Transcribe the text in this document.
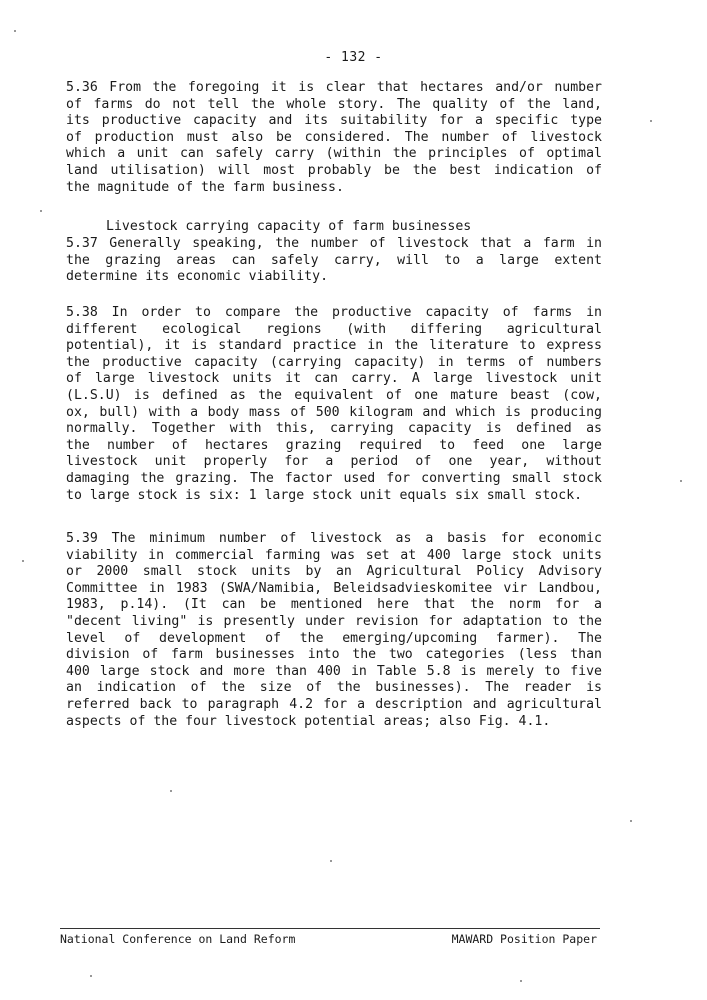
- 132 -
5.36 From the foregoing it is clear that hectares and/or number
of farms do not tell the whole story. The quality of the land,
its productive capacity and its suitability for a specific type
of production must also be considered. The number of livestock
which a unit can safely carry (within the principles of optimal
land utilisation) will most probably be the best indication of
the magnitude of the farm business.
Livestock carrying capacity of farm businesses
5.37 Generally speaking, the number of livestock that a farm in
the grazing areas can safely carry, will to a large extent
determine its economic viability.
5.38 In order to compare the productive capacity of farms in
different ecological regions (with differing agricultural
potential), it is standard practice in the literature to express
the productive capacity (carrying capacity) in terms of numbers
of large livestock units it can carry. A large livestock unit
(L.S.U) is defined as the equivalent of one mature beast (cow,
ox, bull) with a body mass of 500 kilogram and which is producing
normally. Together with this, carrying capacity is defined as
the number of hectares grazing required to feed one large
livestock unit properly for a period of one year, without
damaging the grazing. The factor used for converting small stock
to large stock is six: 1 large stock unit equals six small stock.
5.39 The minimum number of livestock as a basis for economic
viability in commercial farming was set at 400 large stock units
or 2000 small stock units by an Agricultural Policy Advisory
Committee in 1983 (SWA/Namibia, Beleidsadvieskomitee vir Landbou,
1983, p.14). (It can be mentioned here that the norm for a
"decent living" is presently under revision for adaptation to the
level of development of the emerging/upcoming farmer). The
division of farm businesses into the two categories (less than
400 large stock and more than 400 in Table 5.8 is merely to five
an indication of the size of the businesses). The reader is
referred back to paragraph 4.2 for a description and agricultural
aspects of the four livestock potential areas; also Fig. 4.1.
National Conference on Land Reform	MAWARD Position Paper
